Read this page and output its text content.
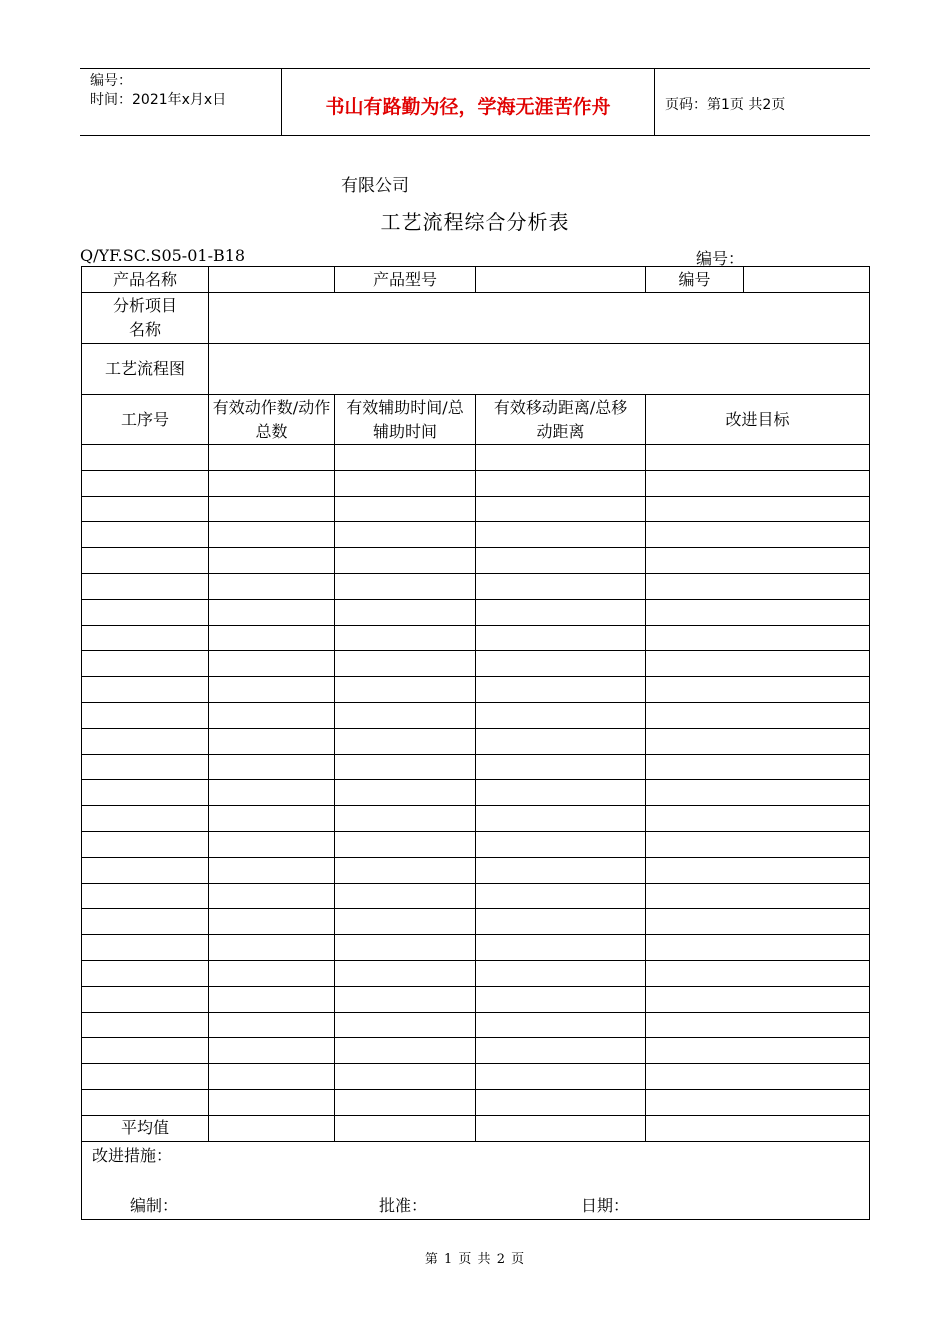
编号：
时间：2021年x月x日	书山有路勤为径，学海无涯苦作舟	页码：第1页 共2页
有限公司
工艺流程综合分析表
Q/YF.SC.S05-01-B18	编号：
产品名称		产品型号		编号	
分析项目名称					
工艺流程图					
工序号	有效动作数/动作总数	有效辅助时间/总辅助时间	有效移动距离/总移动距离	改进目标	

平均值					

改进措施：
编制： 批准： 日期：					
第 1 页 共 2 页
